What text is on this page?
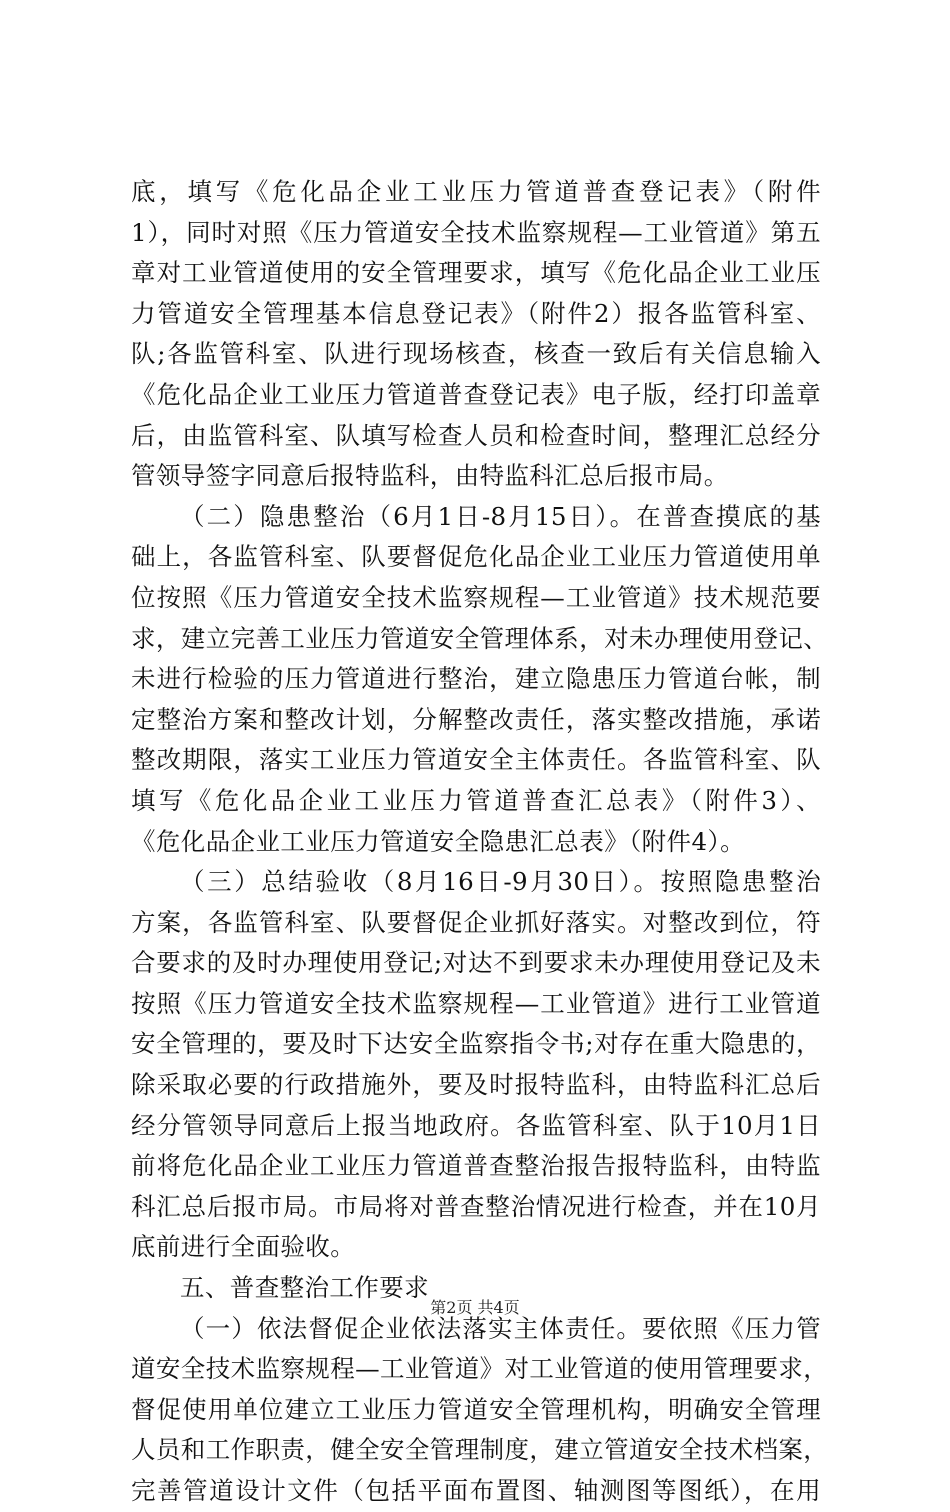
底，填写《危化品企业工业压力管道普查登记表》（附件
1），同时对照《压力管道安全技术监察规程—工业管道》第五
章对工业管道使用的安全管理要求，填写《危化品企业工业压
力管道安全管理基本信息登记表》（附件2）报各监管科室、
队;各监管科室、队进行现场核查，核查一致后有关信息输入
《危化品企业工业压力管道普查登记表》电子版，经打印盖章
后，由监管科室、队填写检查人员和检查时间，整理汇总经分
管领导签字同意后报特监科，由特监科汇总后报市局。
（二）隐患整治（6月1日-8月15日）。在普查摸底的基
础上，各监管科室、队要督促危化品企业工业压力管道使用单
位按照《压力管道安全技术监察规程—工业管道》技术规范要
求，建立完善工业压力管道安全管理体系，对未办理使用登记、
未进行检验的压力管道进行整治，建立隐患压力管道台帐，制
定整治方案和整改计划，分解整改责任，落实整改措施，承诺
整改期限，落实工业压力管道安全主体责任。各监管科室、队
填写《危化品企业工业压力管道普查汇总表》（附件3）、
《危化品企业工业压力管道安全隐患汇总表》（附件4）。
（三）总结验收（8月16日-9月30日）。按照隐患整治
方案，各监管科室、队要督促企业抓好落实。对整改到位，符
合要求的及时办理使用登记;对达不到要求未办理使用登记及未
按照《压力管道安全技术监察规程—工业管道》进行工业管道
安全管理的，要及时下达安全监察指令书;对存在重大隐患的，
除采取必要的行政措施外，要及时报特监科，由特监科汇总后
经分管领导同意后上报当地政府。各监管科室、队于10月1日
前将危化品企业工业压力管道普查整治报告报特监科，由特监
科汇总后报市局。市局将对普查整治情况进行检查，并在10月
底前进行全面验收。
五、普查整治工作要求
（一）依法督促企业依法落实主体责任。要依照《压力管
道安全技术监察规程—工业管道》对工业管道的使用管理要求，
督促使用单位建立工业压力管道安全管理机构，明确安全管理
人员和工作职责，健全安全管理制度，建立管道安全技术档案，
完善管道设计文件（包括平面布置图、轴测图等图纸），在用
第2页 共4页
